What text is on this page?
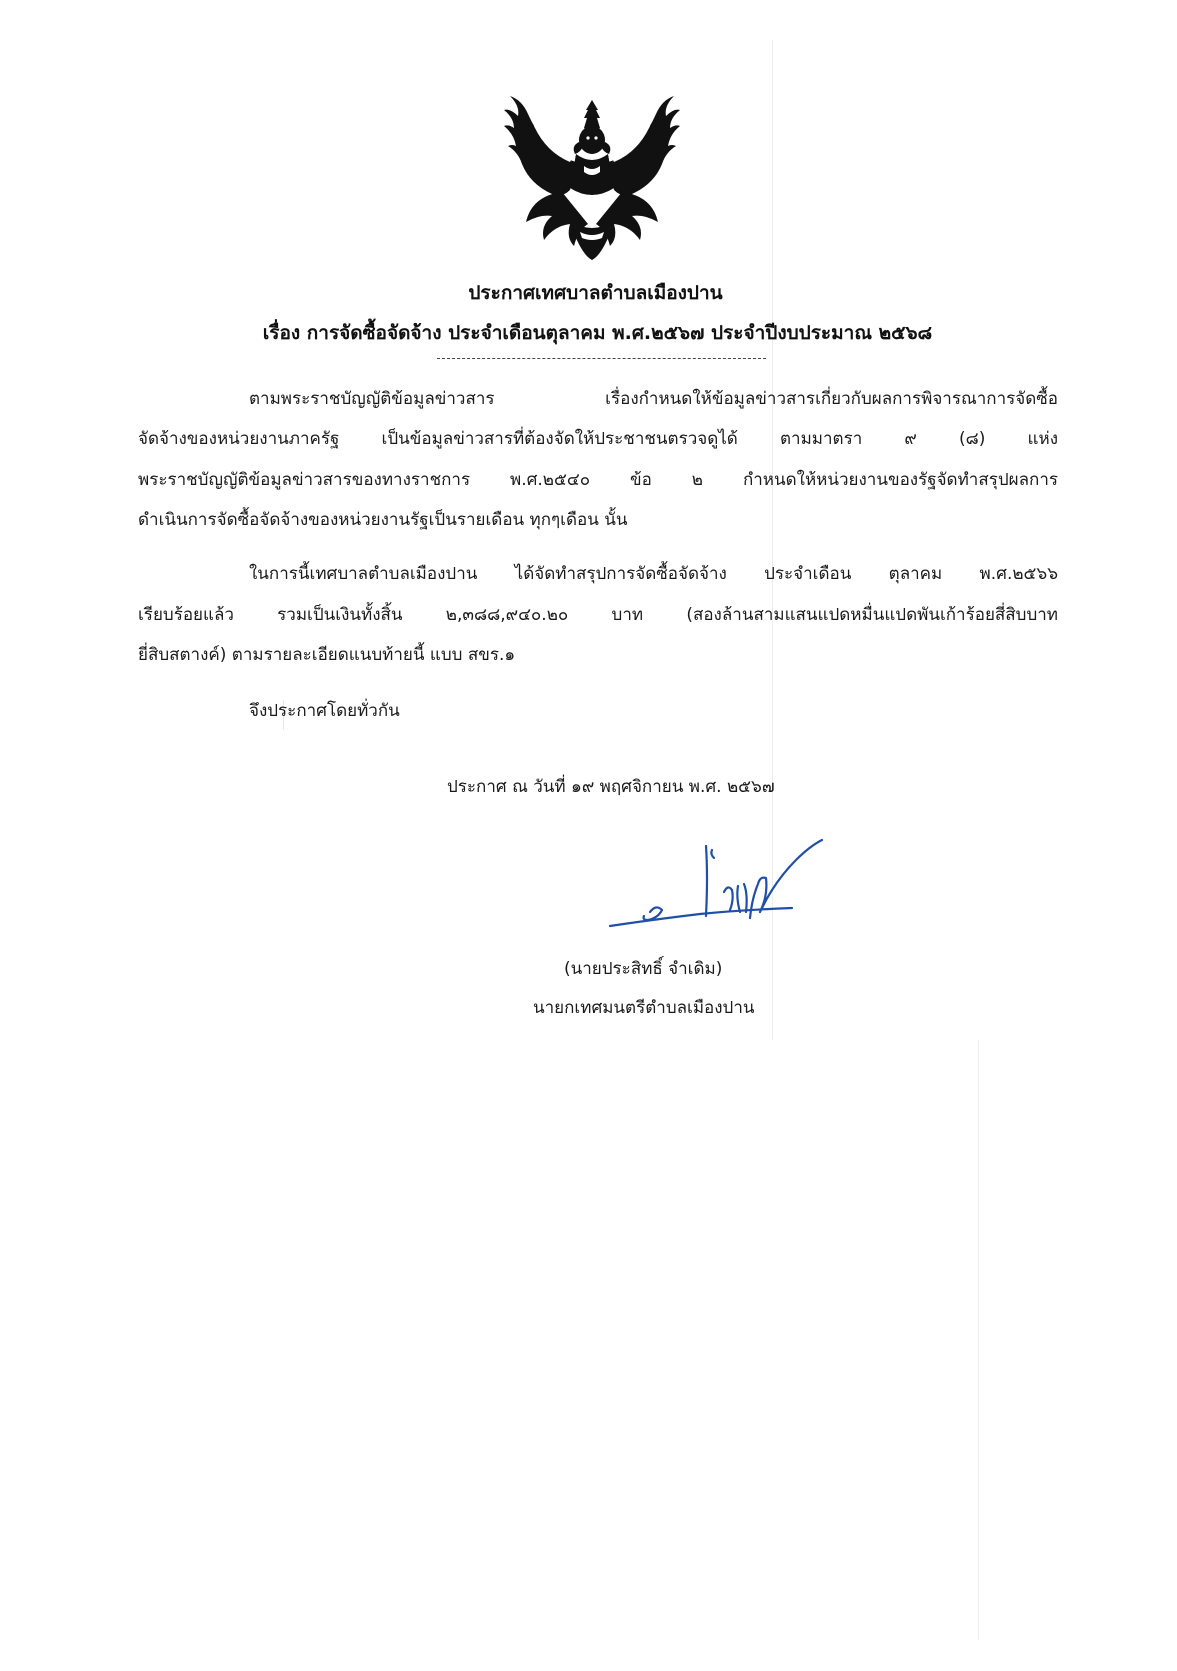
ประกาศเทศบาลตำบลเมืองปาน
เรื่อง การจัดซื้อจัดจ้าง ประจำเดือนตุลาคม พ.ศ.๒๕๖๗ ประจำปีงบประมาณ ๒๕๖๘
ตามพระราชบัญญัติข้อมูลข่าวสาร เรื่องกำหนดให้ข้อมูลข่าวสารเกี่ยวกับผลการพิจารณาการจัดซื้อ
จัดจ้างของหน่วยงานภาครัฐ เป็นข้อมูลข่าวสารที่ต้องจัดให้ประชาชนตรวจดูได้ ตามมาตรา ๙ (๘) แห่ง
พระราชบัญญัติข้อมูลข่าวสารของทางราชการ พ.ศ.๒๕๔๐ ข้อ ๒ กำหนดให้หน่วยงานของรัฐจัดทำสรุปผลการ
ดำเนินการจัดซื้อจัดจ้างของหน่วยงานรัฐเป็นรายเดือน ทุกๆเดือน นั้น
ในการนี้เทศบาลตำบลเมืองปาน ได้จัดทำสรุปการจัดซื้อจัดจ้าง ประจำเดือน ตุลาคม พ.ศ.๒๕๖๖
เรียบร้อยแล้ว รวมเป็นเงินทั้งสิ้น ๒,๓๘๘,๙๔๐.๒๐ บาท (สองล้านสามแสนแปดหมื่นแปดพันเก้าร้อยสี่สิบบาท
ยี่สิบสตางค์) ตามรายละเอียดแนบท้ายนี้ แบบ สขร.๑
จึงประกาศโดยทั่วกัน
ประกาศ ณ วันที่ ๑๙ พฤศจิกายน พ.ศ. ๒๕๖๗
(นายประสิทธิ์ จำเดิม)
นายกเทศมนตรีตำบลเมืองปาน
